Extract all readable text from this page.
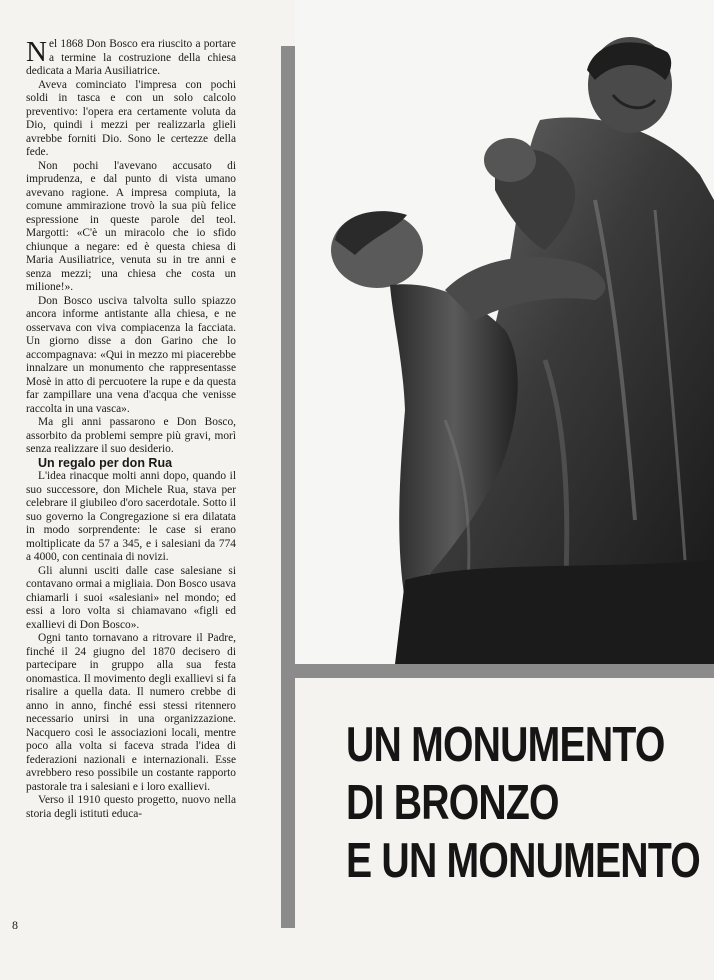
Nel 1868 Don Bosco era riuscito a portare a termine la costruzione della chiesa dedicata a Maria Ausiliatrice.

Aveva cominciato l'impresa con pochi soldi in tasca e con un solo calcolo preventivo: l'opera era certamente voluta da Dio, quindi i mezzi per realizzarla glieli avrebbe forniti Dio. Sono le certezze della fede.

Non pochi l'avevano accusato di imprudenza, e dal punto di vista umano avevano ragione. A impresa compiuta, la comune ammirazione trovò la sua più felice espressione in queste parole del teol. Margotti: «C'è un miracolo che io sfido chiunque a negare: ed è questa chiesa di Maria Ausiliatrice, venuta su in tre anni e senza mezzi; una chiesa che costa un milione!».

Don Bosco usciva talvolta sullo spiazzo ancora informe antistante alla chiesa, e ne osservava con viva compiacenza la facciata. Un giorno disse a don Garino che lo accompagnava: «Qui in mezzo mi piacerebbe innalzare un monumento che rappresentasse Mosè in atto di percuotere la rupe e da questa far zampillare una vena d'acqua che venisse raccolta in una vasca».

Ma gli anni passarono e Don Bosco, assorbito da problemi sempre più gravi, morì senza realizzare il suo desiderio.

Un regalo per don Rua

L'idea rinacque molti anni dopo, quando il suo successore, don Michele Rua, stava per celebrare il giubileo d'oro sacerdotale. Sotto il suo governo la Congregazione si era dilatata in modo sorprendente: le case si erano moltiplicate da 57 a 345, e i salesiani da 774 a 4000, con centinaia di novizi.

Gli alunni usciti dalle case salesiane si contavano ormai a migliaia. Don Bosco usava chiamarli i suoi «salesiani» nel mondo; ed essi a loro volta si chiamavano «figli ed exallievi di Don Bosco».

Ogni tanto tornavano a ritrovare il Padre, finché il 24 giugno del 1870 decisero di partecipare in gruppo alla sua festa onomastica. Il movimento degli exallievi si fa risalire a quella data. Il numero crebbe di anno in anno, finché essi stessi ritennero necessario unirsi in una organizzazione. Nacquero così le associazioni locali, mentre poco alla volta si faceva strada l'idea di federazioni nazionali e internazionali. Esse avrebbero reso possibile un costante rapporto pastorale tra i salesiani e i loro exallievi.

Verso il 1910 questo progetto, nuovo nella storia degli istituti educa-

8
UN MONUMENTO
DI BRONZO
E UN MONUMENTO
